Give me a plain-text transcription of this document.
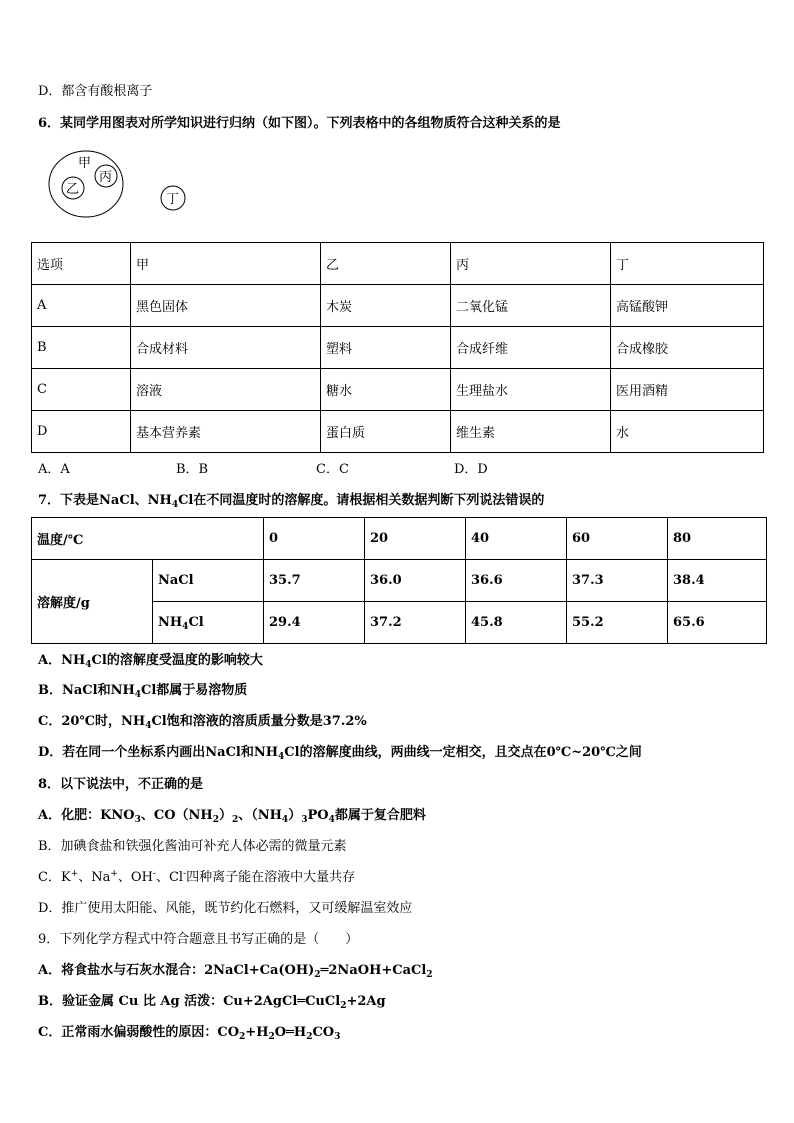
D．都含有酸根离子
6．某同学用图表对所学知识进行归纳（如下图）。下列表格中的各组物质符合这种关系的是
甲
乙
丙
丁
选项	甲	乙	丙	丁
A	黑色固体	木炭	二氧化锰	高锰酸钾
B	合成材料	塑料	合成纤维	合成橡胶
C	溶液	糖水	生理盐水	医用酒精
D	基本营养素	蛋白质	维生素	水
A．A	B．B	C．C	D．D
7．下表是NaCl、$NH_4Cl$在不同温度时的溶解度。请根据相关数据判断下列说法错误的
温度/℃		0	20	40	60	80
溶解度/g	NaCl	35.7	36.0	36.6	37.3	38.4
	$NH_4Cl$	29.4	37.2	45.8	55.2	65.6
A．$NH_4Cl$的溶解度受温度的影响较大
B．NaCl和$NH_4Cl$都属于易溶物质
C．20℃时，$NH_4Cl$饱和溶液的溶质质量分数是37.2%
D．若在同一个坐标系内画出NaCl和$NH_4Cl$的溶解度曲线，两曲线一定相交，且交点在0℃~20℃之间
8．以下说法中，不正确的是
A．化肥：$KNO_3$、$CO(NH_2)_2$、$(NH_4)_3PO_4$都属于复合肥料
B．加碘食盐和铁强化酱油可补充人体必需的微量元素
C．K+、Na+、OH-、Cl-四种离子能在溶液中大量共存
D．推广使用太阳能、风能，既节约化石燃料，又可缓解温室效应
9．下列化学方程式中符合题意且书写正确的是（　　）
A．将食盐水与石灰水混合：$2NaCl+Ca(OH)_2═2NaOH+CaCl_2$
B．验证金属 Cu 比 Ag 活泼：Cu+2AgCl═CuCl$_2$+2Ag
C．正常雨水偏弱酸性的原因：$CO_2+H_2O═H_2CO_3$
